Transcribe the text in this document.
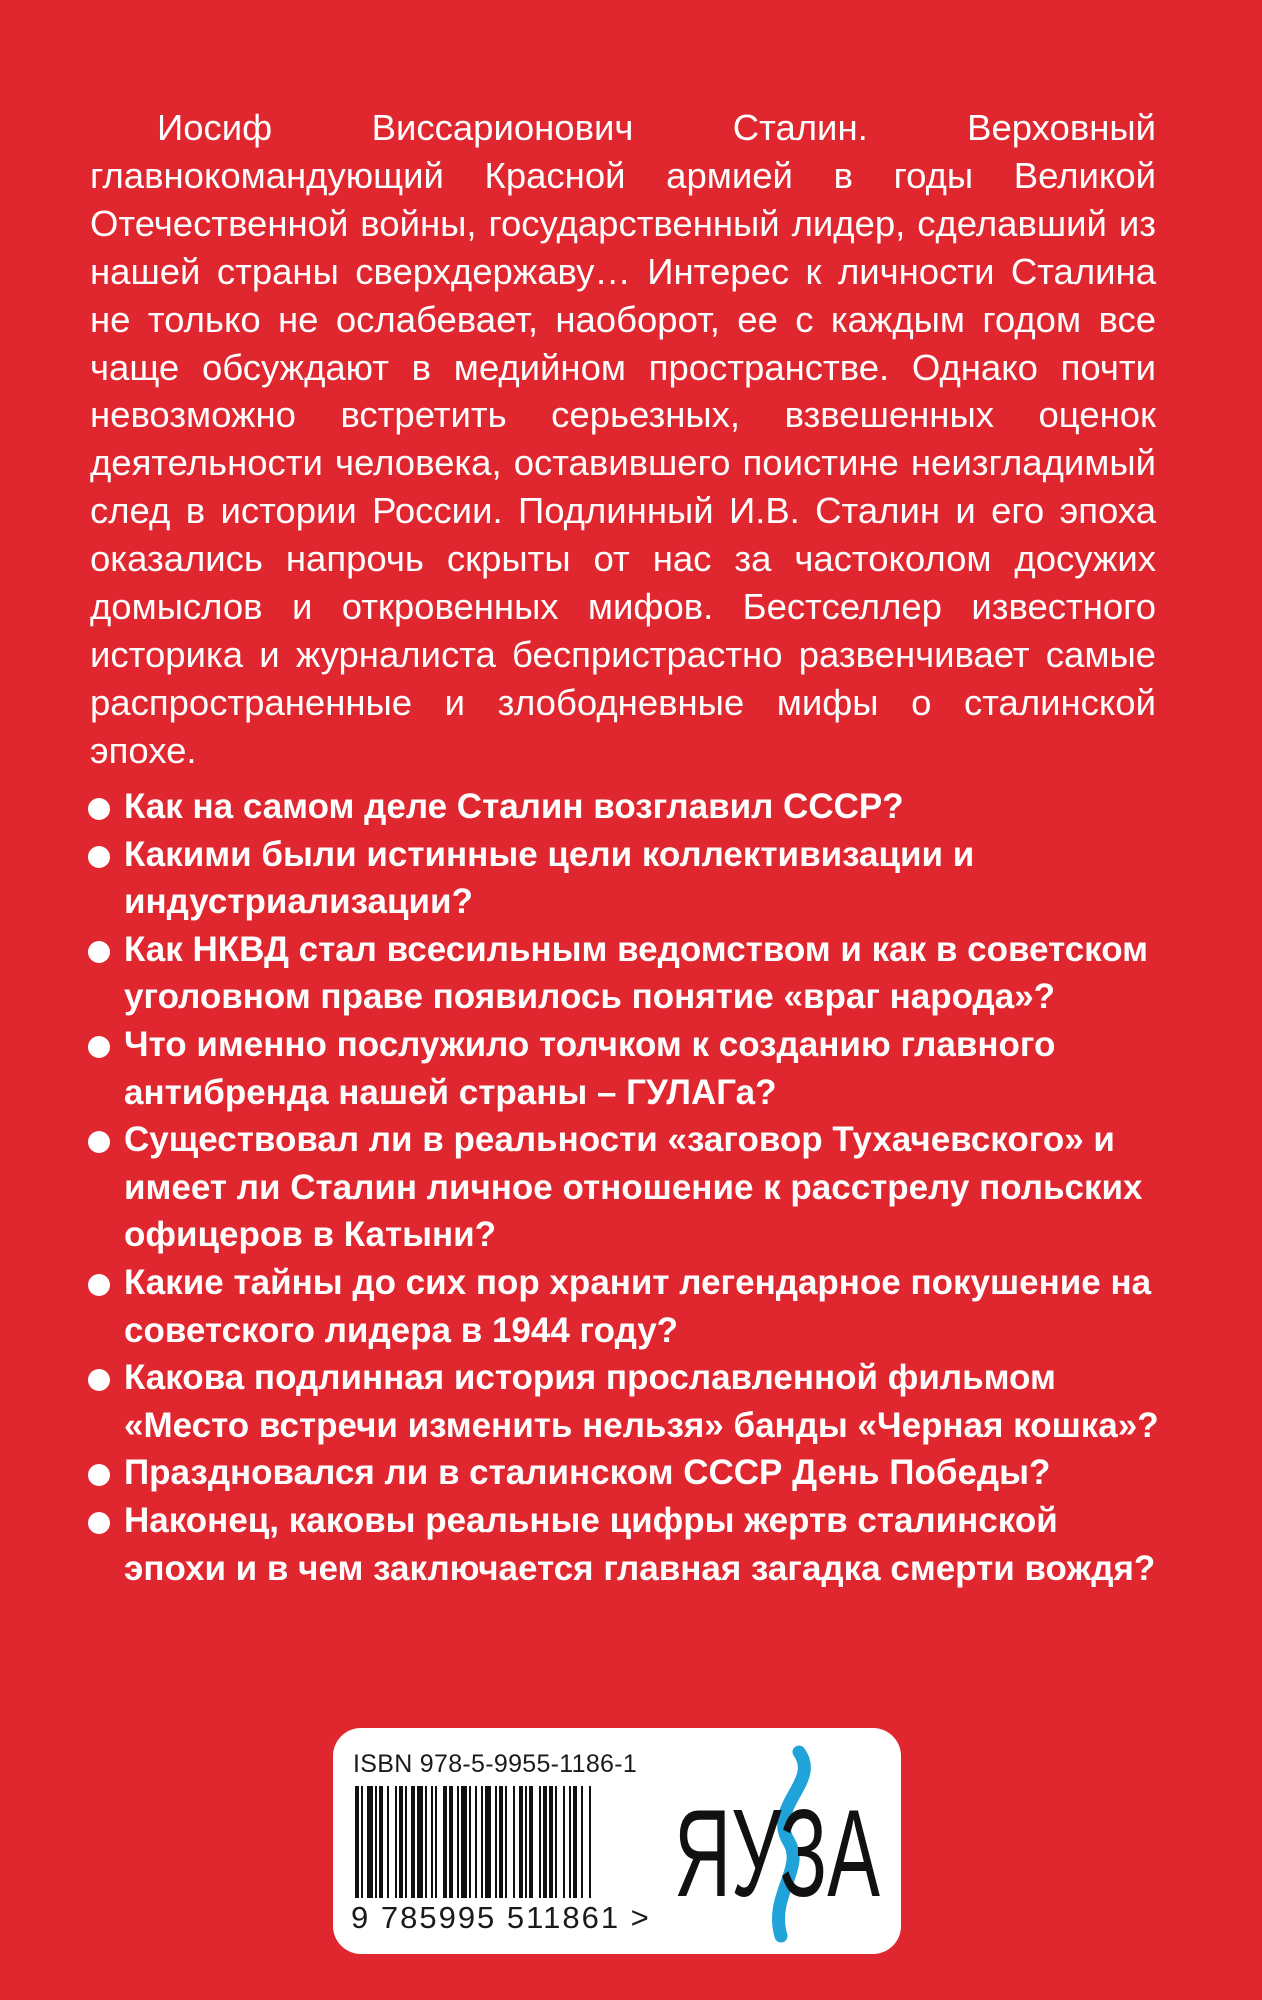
Иосиф Виссарионович Сталин. Верховный главнокомандующий Красной армией в годы Великой Отечественной войны, государственный лидер, сделавший из нашей страны сверхдержаву… Интерес к личности Сталина не только не ослабевает, наоборот, ее с каждым годом все чаще обсуждают в медийном пространстве. Однако почти невозможно встретить серьезных, взвешенных оценок деятельности человека, оставившего поистине неизгладимый след в истории России. Подлинный И.В. Сталин и его эпоха оказались напрочь скрыты от нас за частоколом досужих домыслов и откровенных мифов. Бестселлер известного историка и журналиста беспристрастно развенчивает самые распространенные и злободневные мифы о сталинской эпохе.

Как на самом деле Сталин возглавил СССР?
Какими были истинные цели коллективизации и индустриализации?
Как НКВД стал всесильным ведомством и как в советском уголовном праве появилось понятие «враг народа»?
Что именно послужило толчком к созданию главного антибренда нашей страны – ГУЛАГа?
Существовал ли в реальности «заговор Тухачевского» и имеет ли Сталин личное отношение к расстрелу польских офицеров в Катыни?
Какие тайны до сих пор хранит легендарное покушение на советского лидера в 1944 году?
Какова подлинная история прославленной фильмом «Место встречи изменить нельзя» банды «Черная кошка»?
Праздновался ли в сталинском СССР День Победы?
Наконец, каковы реальные цифры жертв сталинской эпохи и в чем заключается главная загадка смерти вождя?
ISBN 978-5-9955-1186-1
9 785995 511861 > ЯУЗА
